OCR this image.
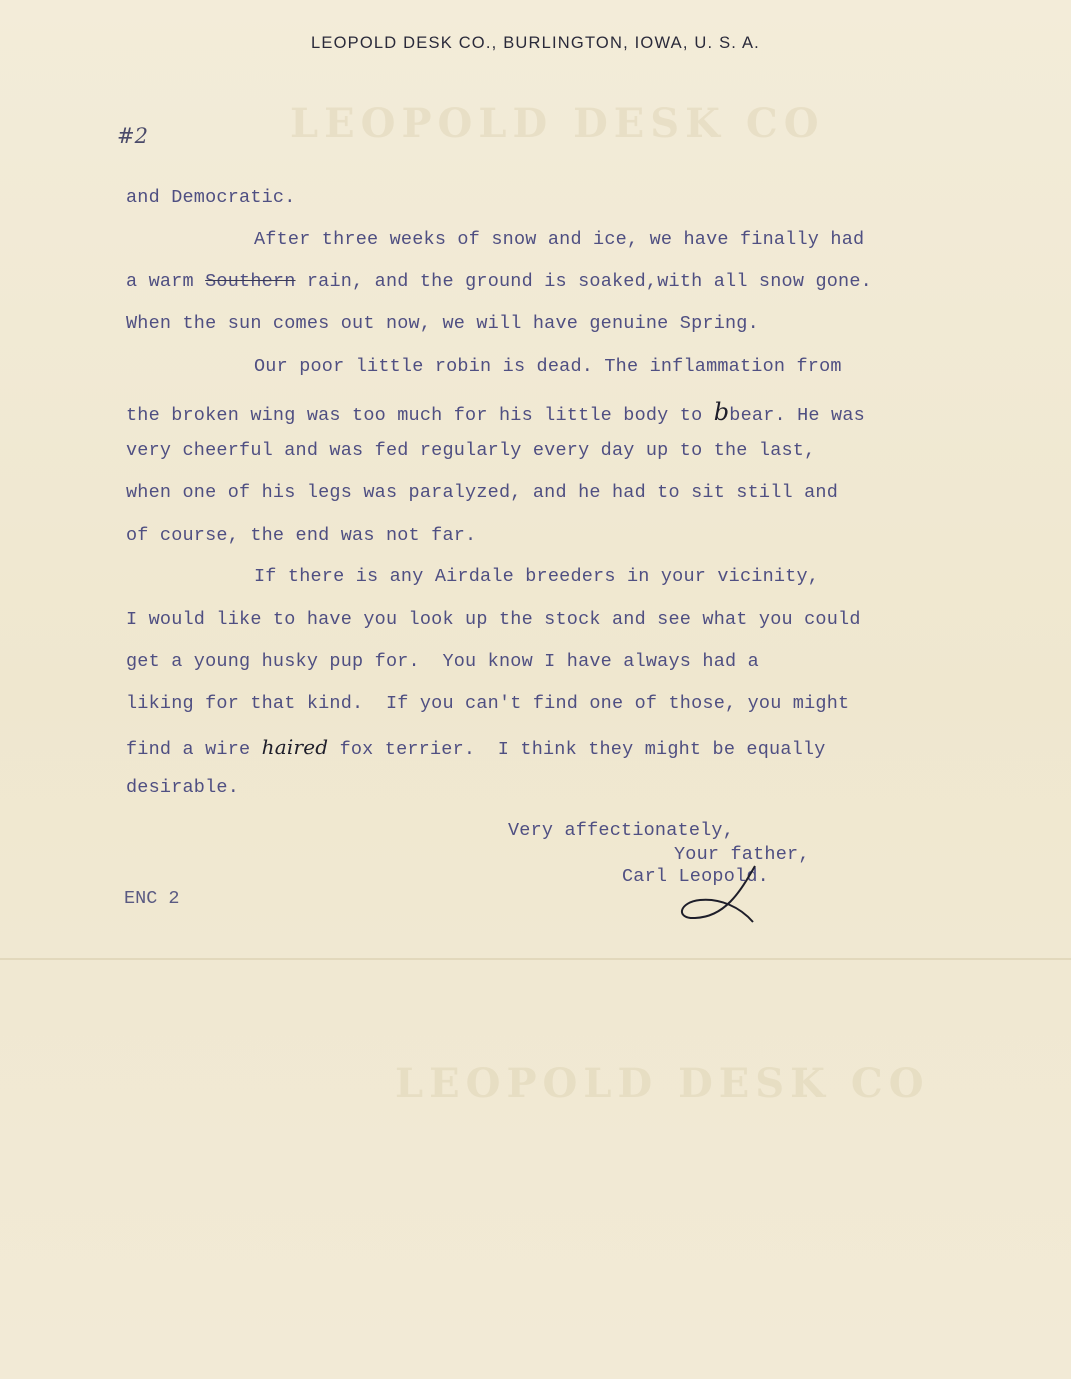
LEOPOLD DESK CO
LEOPOLD DESK CO
LEOPOLD DESK CO., BURLINGTON, IOWA, U. S. A.
#2
and Democratic.
After three weeks of snow and ice, we have finally had
a warm Southern rain, and the ground is soaked,with all snow gone.
When the sun comes out now, we will have genuine Spring.
Our poor little robin is dead. The inflammation from
the broken wing was too much for his little body to bbear. He was
very cheerful and was fed regularly every day up to the last,
when one of his legs was paralyzed, and he had to sit still and
of course, the end was not far.
If there is any Airdale breeders in your vicinity,
I would like to have you look up the stock and see what you could
get a young husky pup for.  You know I have always had a
liking for that kind.  If you can't find one of those, you might
find a wire haired fox terrier.  I think they might be equally
desirable.
Very affectionately,
Your father,
Carl Leopold.
ENC 2
